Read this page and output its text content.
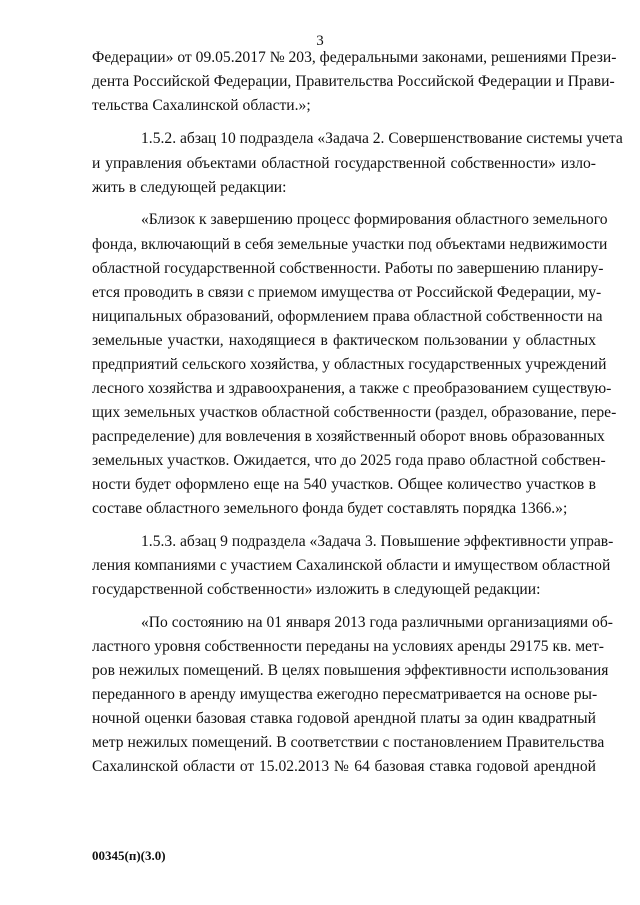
3
Федерации» от 09.05.2017 № 203, федеральными законами, решениями Прези-
дента Российской Федерации, Правительства Российской Федерации и Прави-
тельства Сахалинской области.»;
1.5.2. абзац 10 подраздела «Задача 2. Совершенствование системы учета
и управления объектами областной государственной собственности» изло-
жить в следующей редакции:
«Близок к завершению процесс формирования областного земельного
фонда, включающий в себя земельные участки под объектами недвижимости
областной государственной собственности. Работы по завершению планиру-
ется проводить в связи с приемом имущества от Российской Федерации, му-
ниципальных образований, оформлением права областной собственности на
земельные участки, находящиеся в фактическом пользовании у областных
предприятий сельского хозяйства, у областных государственных учреждений
лесного хозяйства и здравоохранения, а также с преобразованием существую-
щих земельных участков областной собственности (раздел, образование, пере-
распределение) для вовлечения в хозяйственный оборот вновь образованных
земельных участков. Ожидается, что до 2025 года право областной собствен-
ности будет оформлено еще на 540 участков. Общее количество участков в
составе областного земельного фонда будет составлять порядка 1366.»;
1.5.3. абзац 9 подраздела «Задача 3. Повышение эффективности управ-
ления компаниями с участием Сахалинской области и имуществом областной
государственной собственности» изложить в следующей редакции:
«По состоянию на 01 января 2013 года различными организациями об-
ластного уровня собственности переданы на условиях аренды 29175 кв. мет-
ров нежилых помещений. В целях повышения эффективности использования
переданного в аренду имущества ежегодно пересматривается на основе ры-
ночной оценки базовая ставка годовой арендной платы за один квадратный
метр нежилых помещений. В соответствии с постановлением Правительства
Сахалинской области от 15.02.2013 № 64 базовая ставка годовой арендной
00345(п)(3.0)
